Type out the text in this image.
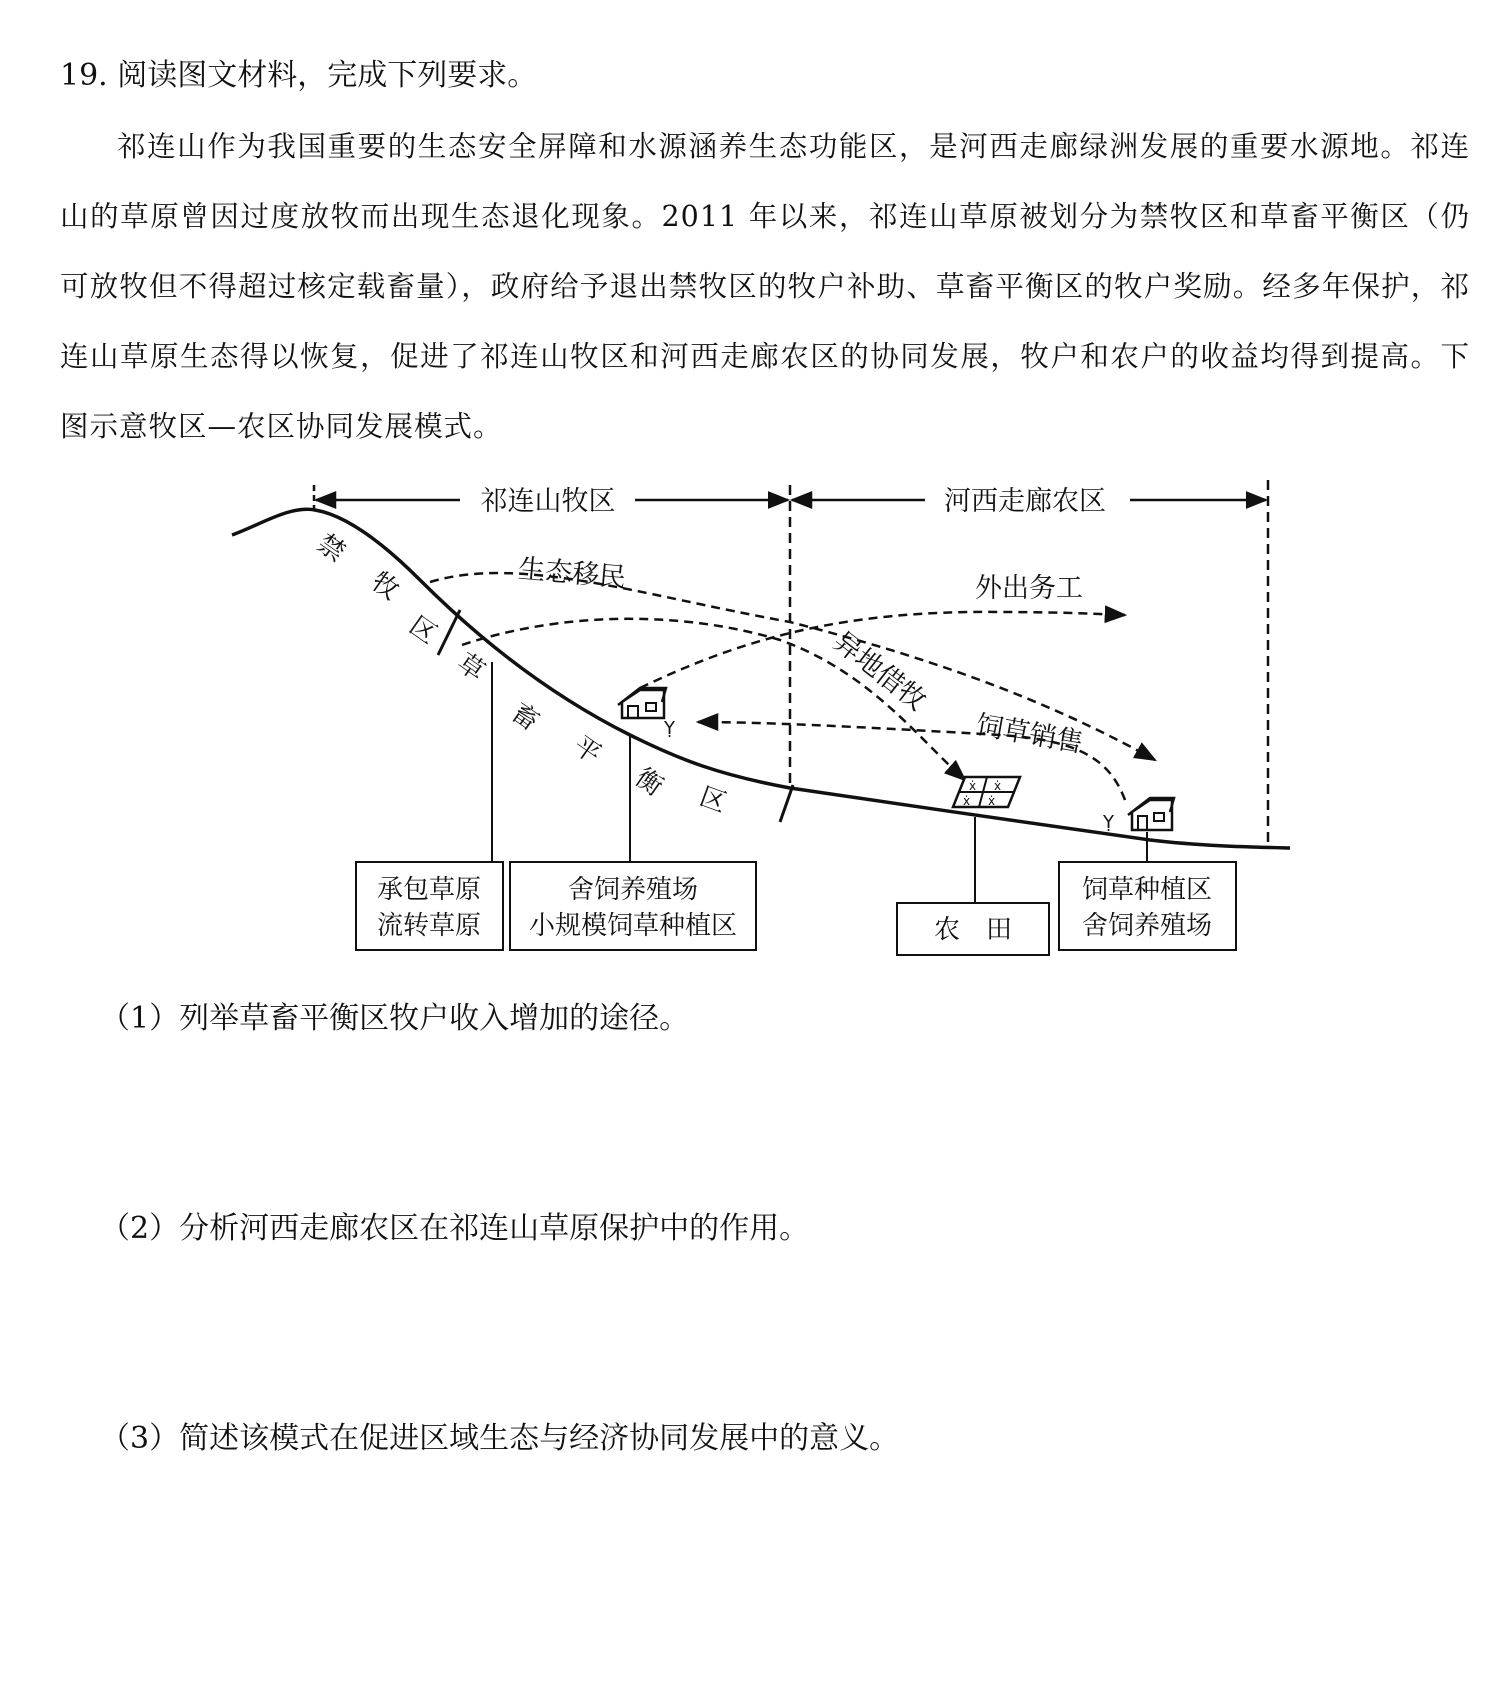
19. 阅读图文材料，完成下列要求。
祁连山作为我国重要的生态安全屏障和水源涵养生态功能区，是河西走廊绿洲发展的重要水源地。祁连山的草原曾因过度放牧而出现生态退化现象。2011 年以来，祁连山草原被划分为禁牧区和草畜平衡区（仍可放牧但不得超过核定载畜量），政府给予退出禁牧区的牧户补助、草畜平衡区的牧户奖励。经多年保护，祁连山草原生态得以恢复，促进了祁连山牧区和河西走廊农区的协同发展，牧户和农户的收益均得到提高。下图示意牧区—农区协同发展模式。
祁连山牧区	河西走廊农区
禁
牧
区
草
畜
平
衡 区
生态移民	外出务工
异地借牧
饲草销售
Ỵ
ẋ ẋ
ẋ ẋ
Ỵ
承包草原
流转草原
舍饲养殖场
小规模饲草种植区	农　田
饲草种植区
舍饲养殖场
（1）列举草畜平衡区牧户收入增加的途径。
（2）分析河西走廊农区在祁连山草原保护中的作用。
（3）简述该模式在促进区域生态与经济协同发展中的意义。
